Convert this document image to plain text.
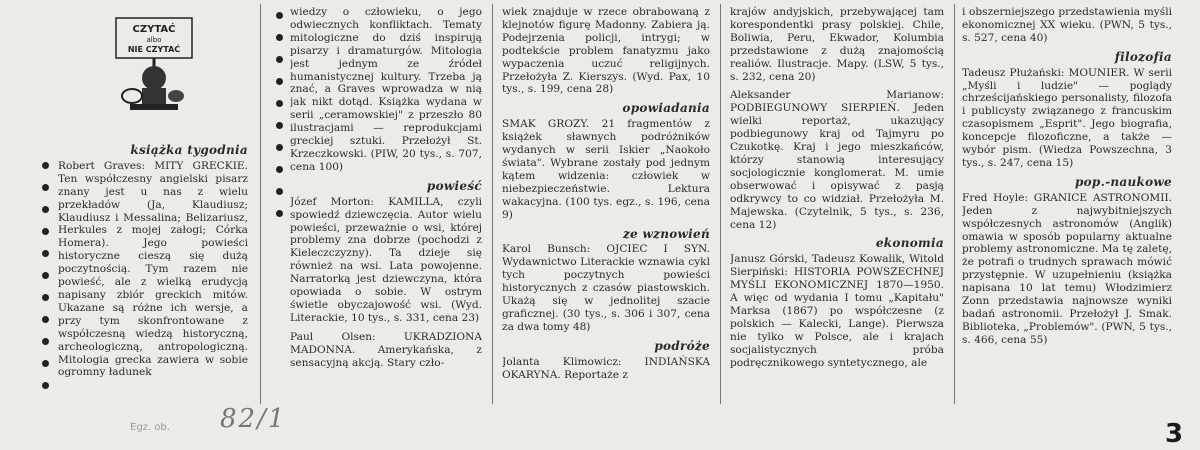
CZYTAĆ
albo
NIE CZYTAĆ
książka tygodnia

Robert Graves: MITY GRECKIE. Ten współczesny angielski pisarz znany jest u nas z wielu przekładów (Ja, Klaudiusz; Klaudiusz i Messalina; Belizariusz, Herkules z mojej załogi; Córka Homera). Jego powieści historyczne cieszą się dużą poczytnością. Tym razem nie powieść, ale z wielką erudycją napisany zbiór greckich mitów. Ukazane są różne ich wersje, a przy tym skonfrontowane z współczesną wiedzą historyczną, archeologiczną, antropologiczną. Mitologia grecka zawiera w sobie ogromny ładunek

wiedzy o człowieku, o jego odwiecznych konfliktach. Tematy mitologiczne do dziś inspirują pisarzy i dramaturgów. Mitologia jest jednym ze źródeł humanistycznej kultury. Trzeba ją znać, a Graves wprowadza w nią jak nikt dotąd. Książka wydana w serii „ceramowskiej" z przeszło 80 ilustracjami — reprodukcjami greckiej sztuki. Przełożył St. Krzeczkowski. (PIW, 20 tys., s. 707, cena 100)

powieść

Józef Morton: KAMILLA, czyli spowiedź dziewczęcia. Autor wielu powieści, przeważnie o wsi, której problemy zna dobrze (pochodzi z Kieleczczyzny). Ta dzieje się również na wsi. Lata powojenne. Narratorką jest dziewczyna, która opowiada o sobie. W ostrym świetle obyczajowość wsi. (Wyd. Literackie, 10 tys., s. 331, cena 23)

Paul Olsen: UKRADZIONA MADONNA. Amerykańska, z sensacyjną akcją. Stary czło-

wiek znajduje w rzece obrabowaną z klejnotów figurę Madonny. Zabiera ją. Podejrzenia policji, intrygi; w podtekście problem fanatyzmu jako wypaczenia uczuć religijnych. Przełożyła Z. Kierszys. (Wyd. Pax, 10 tys., s. 199, cena 28)

opowiadania

SMAK GROZY. 21 fragmentów z książek sławnych podróżników wydanych w serii Iskier „Naokoło świata". Wybrane zostały pod jednym kątem widzenia: człowiek w niebezpieczeństwie. Lektura wakacyjna. (100 tys. egz., s. 196, cena 9)

ze wznowień

Karol Bunsch: OJCIEC I SYN. Wydawnictwo Literackie wznawia cykl tych poczytnych powieści historycznych z czasów piastowskich. Ukażą się w jednolitej szacie graficznej. (30 tys., s. 306 i 307, cena za dwa tomy 48)

podróże

Jolanta Klimowicz: INDIAŃSKA OKARYNA. Reportaże z

krajów andyjskich, przebywającej tam korespondentki prasy polskiej. Chile, Boliwia, Peru, Ekwador, Kolumbia przedstawione z dużą znajomością realiów. Ilustracje. Mapy. (LSW, 5 tys., s. 232, cena 20)

Aleksander Marianow: PODBIEGUNOWY SIERPIEŃ. Jeden wielki reportaż, ukazujący podbiegunowy kraj od Tajmyru po Czukotkę. Kraj i jego mieszkańców, którzy stanowią interesujący socjologicznie konglomerat. M. umie obserwować i opisywać z pasją odkrywcy to co widział. Przełożyła M. Majewska. (Czytelnik, 5 tys., s. 236, cena 12)

ekonomia

Janusz Górski, Tadeusz Kowalik, Witold Sierpiński: HISTORIA POWSZECHNEJ MYŚLI EKONOMICZNEJ 1870—1950. A więc od wydania I tomu „Kapitału" Marksa (1867) po współczesne (z polskich — Kalecki, Lange). Pierwsza nie tylko w Polsce, ale i krajach socjalistycznych próba podręcznikowego syntetycznego, ale

i obszerniejszego przedstawienia myśli ekonomicznej XX wieku. (PWN, 5 tys., s. 527, cena 40)

filozofia

Tadeusz Płużański: MOUNIER. W serii „Myśli i ludzie" — poglądy chrześcijańskiego personalisty, filozofa i publicysty związanego z francuskim czasopismem „Esprit". Jego biografia, koncepcje filozoficzne, a także — wybór pism. (Wiedza Powszechna, 3 tys., s. 247, cena 15)

pop.-naukowe

Fred Hoyle: GRANICE ASTRONOMII. Jeden z najwybitniejszych współczesnych astronomów (Anglik) omawia w sposób popularny aktualne problemy astronomiczne. Ma tę zaletę, że potrafi o trudnych sprawach mówić przystępnie. W uzupełnieniu (książka napisana 10 lat temu) Włodzimierz Zonn przedstawia najnowsze wyniki badań astronomii. Przełożył J. Smak. Biblioteka, „Problemów". (PWN, 5 tys., s. 466, cena 55)

Egz. ob. 82/1	3
